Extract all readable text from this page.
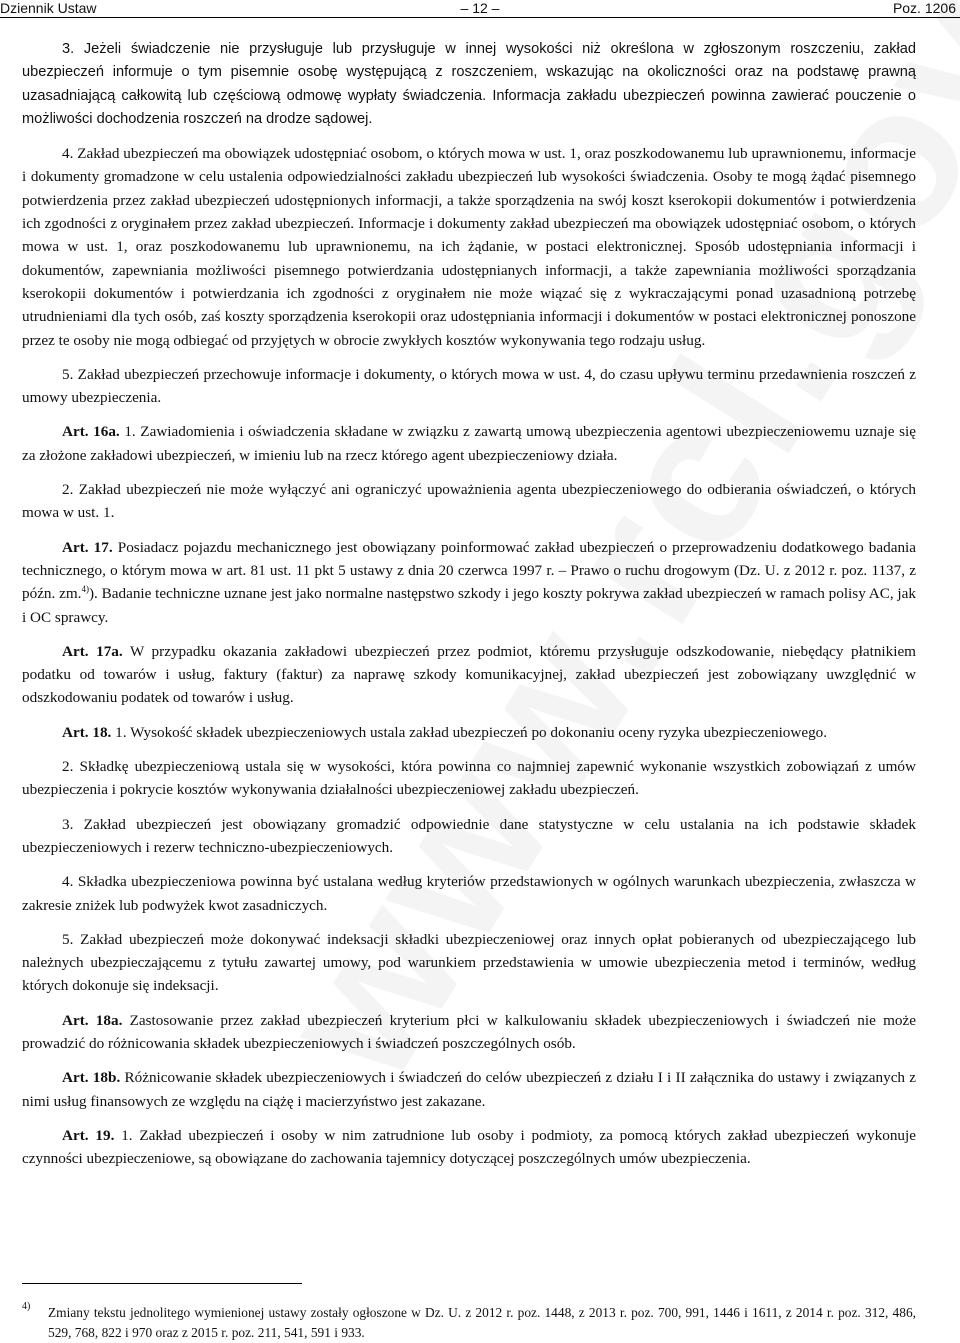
Dziennik Ustaw	– 12 –	Poz. 1206

3. Jeżeli świadczenie nie przysługuje lub przysługuje w innej wysokości niż określona w zgłoszonym roszczeniu, zakład ubezpieczeń informuje o tym pisemnie osobę występującą z roszczeniem, wskazując na okoliczności oraz na podstawę prawną uzasadniającą całkowitą lub częściową odmowę wypłaty świadczenia. Informacja zakładu ubezpieczeń powinna zawierać pouczenie o możliwości dochodzenia roszczeń na drodze sądowej.

4. Zakład ubezpieczeń ma obowiązek udostępniać osobom, o których mowa w ust. 1, oraz poszkodowanemu lub uprawnionemu, informacje i dokumenty gromadzone w celu ustalenia odpowiedzialności zakładu ubezpieczeń lub wysokości świadczenia. Osoby te mogą żądać pisemnego potwierdzenia przez zakład ubezpieczeń udostępnionych informacji, a także sporządzenia na swój koszt kserokopii dokumentów i potwierdzenia ich zgodności z oryginałem przez zakład ubezpieczeń. Informacje i dokumenty zakład ubezpieczeń ma obowiązek udostępniać osobom, o których mowa w ust. 1, oraz poszkodowanemu lub uprawnionemu, na ich żądanie, w postaci elektronicznej. Sposób udostępniania informacji i dokumentów, zapewniania możliwości pisemnego potwierdzania udostępnianych informacji, a także zapewniania możliwości sporządzania kserokopii dokumentów i potwierdzania ich zgodności z oryginałem nie może wiązać się z wykraczającymi ponad uzasadnioną potrzebę utrudnieniami dla tych osób, zaś koszty sporządzenia kserokopii oraz udostępniania informacji i dokumentów w postaci elektronicznej ponoszone przez te osoby nie mogą odbiegać od przyjętych w obrocie zwykłych kosztów wykonywania tego rodzaju usług.

5. Zakład ubezpieczeń przechowuje informacje i dokumenty, o których mowa w ust. 4, do czasu upływu terminu przedawnienia roszczeń z umowy ubezpieczenia.

Art. 16a. 1. Zawiadomienia i oświadczenia składane w związku z zawartą umową ubezpieczenia agentowi ubezpieczeniowemu uznaje się za złożone zakładowi ubezpieczeń, w imieniu lub na rzecz którego agent ubezpieczeniowy działa.

2. Zakład ubezpieczeń nie może wyłączyć ani ograniczyć upoważnienia agenta ubezpieczeniowego do odbierania oświadczeń, o których mowa w ust. 1.

Art. 17. Posiadacz pojazdu mechanicznego jest obowiązany poinformować zakład ubezpieczeń o przeprowadzeniu dodatkowego badania technicznego, o którym mowa w art. 81 ust. 11 pkt 5 ustawy z dnia 20 czerwca 1997 r. – Prawo o ruchu drogowym (Dz. U. z 2012 r. poz. 1137, z późn. zm.$^{4)}$). Badanie techniczne uznane jest jako normalne następstwo szkody i jego koszty pokrywa zakład ubezpieczeń w ramach polisy AC, jak i OC sprawcy.

Art. 17a. W przypadku okazania zakładowi ubezpieczeń przez podmiot, któremu przysługuje odszkodowanie, niebędący płatnikiem podatku od towarów i usług, faktury (faktur) za naprawę szkody komunikacyjnej, zakład ubezpieczeń jest zobowiązany uwzględnić w odszkodowaniu podatek od towarów i usług.

Art. 18. 1. Wysokość składek ubezpieczeniowych ustala zakład ubezpieczeń po dokonaniu oceny ryzyka ubezpieczeniowego.

2. Składkę ubezpieczeniową ustala się w wysokości, która powinna co najmniej zapewnić wykonanie wszystkich zobowiązań z umów ubezpieczenia i pokrycie kosztów wykonywania działalności ubezpieczeniowej zakładu ubezpieczeń.

3. Zakład ubezpieczeń jest obowiązany gromadzić odpowiednie dane statystyczne w celu ustalania na ich podstawie składek ubezpieczeniowych i rezerw techniczno-ubezpieczeniowych.

4. Składka ubezpieczeniowa powinna być ustalana według kryteriów przedstawionych w ogólnych warunkach ubezpieczenia, zwłaszcza w zakresie zniżek lub podwyżek kwot zasadniczych.

5. Zakład ubezpieczeń może dokonywać indeksacji składki ubezpieczeniowej oraz innych opłat pobieranych od ubezpieczającego lub należnych ubezpieczającemu z tytułu zawartej umowy, pod warunkiem przedstawienia w umowie ubezpieczenia metod i terminów, według których dokonuje się indeksacji.

Art. 18a. Zastosowanie przez zakład ubezpieczeń kryterium płci w kalkulowaniu składek ubezpieczeniowych i świadczeń nie może prowadzić do różnicowania składek ubezpieczeniowych i świadczeń poszczególnych osób.

Art. 18b. Różnicowanie składek ubezpieczeniowych i świadczeń do celów ubezpieczeń z działu I i II załącznika do ustawy i związanych z nimi usług finansowych ze względu na ciążę i macierzyństwo jest zakazane.

Art. 19. 1. Zakład ubezpieczeń i osoby w nim zatrudnione lub osoby i podmioty, za pomocą których zakład ubezpieczeń wykonuje czynności ubezpieczeniowe, są obowiązane do zachowania tajemnicy dotyczącej poszczególnych umów ubezpieczenia.

4) Zmiany tekstu jednolitego wymienionej ustawy zostały ogłoszone w Dz. U. z 2012 r. poz. 1448, z 2013 r. poz. 700, 991, 1446 i 1611, z 2014 r. poz. 312, 486, 529, 768, 822 i 970 oraz z 2015 r. poz. 211, 541, 591 i 933.
